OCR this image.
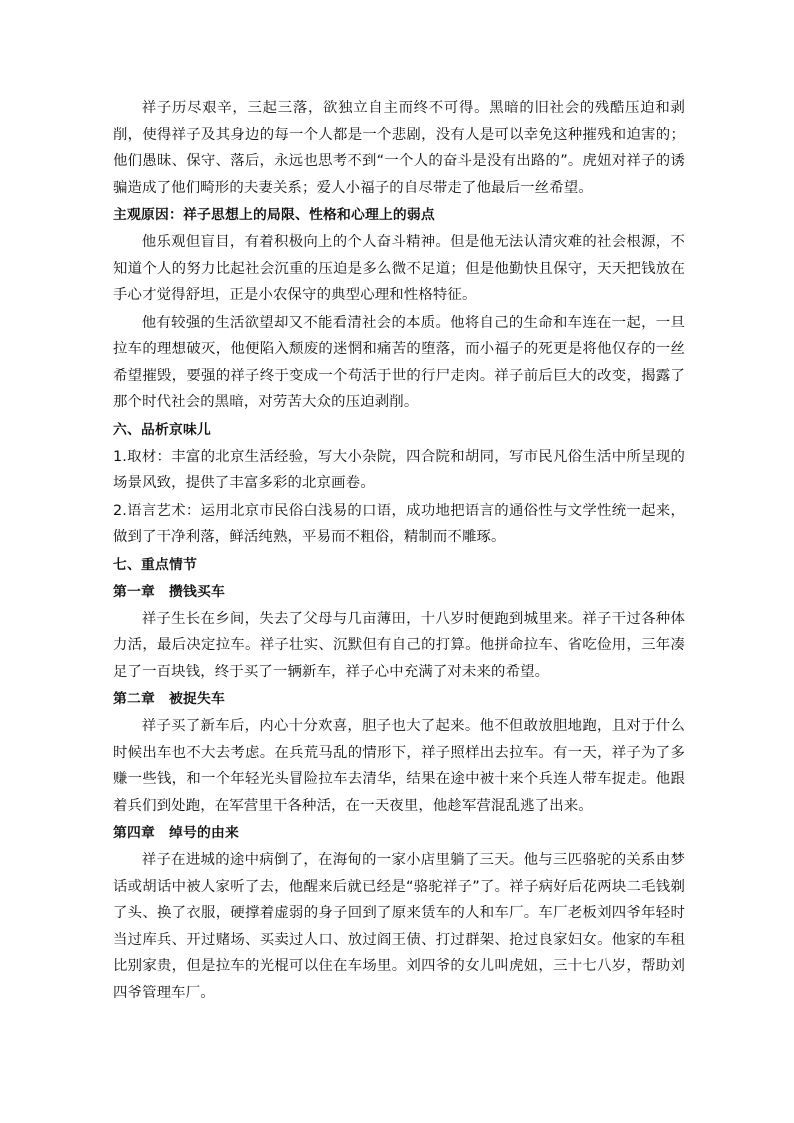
祥子历尽艰辛，三起三落，欲独立自主而终不可得。黑暗的旧社会的残酷压迫和剥削，使得祥子及其身边的每一个人都是一个悲剧，没有人是可以幸免这种摧残和迫害的；他们愚昧、保守、落后，永远也思考不到“一个人的奋斗是没有出路的”。虎妞对祥子的诱骗造成了他们畸形的夫妻关系；爱人小福子的自尽带走了他最后一丝希望。

主观原因：祥子思想上的局限、性格和心理上的弱点

他乐观但盲目，有着积极向上的个人奋斗精神。但是他无法认清灾难的社会根源，不知道个人的努力比起社会沉重的压迫是多么微不足道；但是他勤快且保守，天天把钱放在手心才觉得舒坦，正是小农保守的典型心理和性格特征。

他有较强的生活欲望却又不能看清社会的本质。他将自己的生命和车连在一起，一旦拉车的理想破灭，他便陷入颓废的迷惘和痛苦的堕落，而小福子的死更是将他仅存的一丝希望摧毁，要强的祥子终于变成一个苟活于世的行尸走肉。祥子前后巨大的改变，揭露了那个时代社会的黑暗，对劳苦大众的压迫剥削。

六、品析京味儿

1.取材：丰富的北京生活经验，写大小杂院，四合院和胡同，写市民凡俗生活中所呈现的场景风致，提供了丰富多彩的北京画卷。

2.语言艺术：运用北京市民俗白浅易的口语，成功地把语言的通俗性与文学性统一起来，做到了干净利落，鲜活纯熟，平易而不粗俗，精制而不雕琢。

七、重点情节

第一章  攒钱买车

祥子生长在乡间，失去了父母与几亩薄田，十八岁时便跑到城里来。祥子干过各种体力活，最后决定拉车。祥子壮实、沉默但有自己的打算。他拼命拉车、省吃俭用，三年凑足了一百块钱，终于买了一辆新车，祥子心中充满了对未来的希望。

第二章  被捉失车

祥子买了新车后，内心十分欢喜，胆子也大了起来。他不但敢放胆地跑，且对于什么时候出车也不大去考虑。在兵荒马乱的情形下，祥子照样出去拉车。有一天，祥子为了多赚一些钱，和一个年轻光头冒险拉车去清华，结果在途中被十来个兵连人带车捉走。他跟着兵们到处跑，在军营里干各种活，在一天夜里，他趁军营混乱逃了出来。

第四章  绰号的由来

祥子在进城的途中病倒了，在海甸的一家小店里躺了三天。他与三匹骆驼的关系由梦话或胡话中被人家听了去，他醒来后就已经是“骆驼祥子”了。祥子病好后花两块二毛钱剃了头、换了衣服，硬撑着虚弱的身子回到了原来赁车的人和车厂。车厂老板刘四爷年轻时当过库兵、开过赌场、买卖过人口、放过阎王债、打过群架、抢过良家妇女。他家的车租比别家贵，但是拉车的光棍可以住在车场里。刘四爷的女儿叫虎妞，三十七八岁，帮助刘四爷管理车厂。
